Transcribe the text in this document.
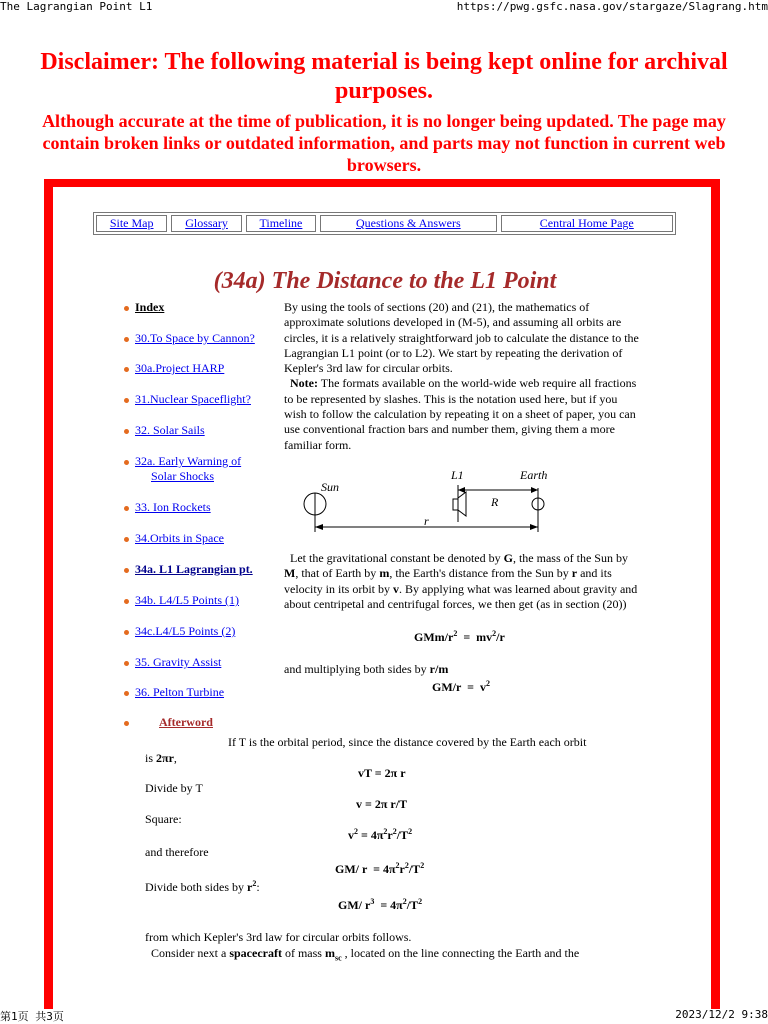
The Lagrangian Point L1	https://pwg.gsfc.nasa.gov/stargaze/Slagrang.htm
第1页 共3页	2023/12/2 9:38
Disclaimer: The following material is being kept online for archival purposes.
Although accurate at the time of publication, it is no longer being updated. The page may contain broken links or outdated information, and parts may not function in current web browsers.
Site Map	Glossary	Timeline	Questions & Answers	Central Home Page
(34a) The Distance to the L1 Point
Index
30.To Space by Cannon?
30a.Project HARP
31.Nuclear Spaceflight?
32. Solar Sails
32a. Early Warning of
Solar Shocks
33. Ion Rockets
34.Orbits in Space
34a. L1 Lagrangian pt.
34b. L4/L5 Points (1)
34c.L4/L5 Points (2)
35. Gravity Assist
36. Pelton Turbine
Afterword
By using the tools of sections (20) and (21), the mathematics of approximate solutions developed in (M-5), and assuming all orbits are circles, it is a relatively straightforward job to calculate the distance to the Lagrangian L1 point (or to L2). We start by repeating the derivation of Kepler's 3rd law for circular orbits.
Note: The formats available on the world-wide web require all fractions to be represented by slashes. This is the notation used here, but if you wish to follow the calculation by repeating it on a sheet of paper, you can use conventional fraction bars and number them, giving them a more familiar form.
Sun
L1	Earth
R
r
Let the gravitational constant be denoted by G, the mass of the Sun by M, that of Earth by m, the Earth's distance from the Sun by r and its velocity in its orbit by v. By applying what was learned about gravity and about centripetal and centrifugal forces, we then get (as in section (20))
GMm/$r^2 = mv^2/r$
and multiplying both sides by r/m
$GM/r = v^2$
If T is the orbital period, since the distance covered by the Earth each orbit
is 2πr,
vT = 2π r
Divide by T
v = 2π r/T
Square:
$v^2 = 4\pi^2r^2/T^2$
and therefore
GM/ $r = 4\pi^2r^2/T^2$
Divide both sides by $r^2$:
GM/ $r^3 = 4\pi^2/T^2$
from which Kepler's 3rd law for circular orbits follows.
Consider next a spacecraft of mass $m_{sc}$ , located on the line connecting the Earth and the
